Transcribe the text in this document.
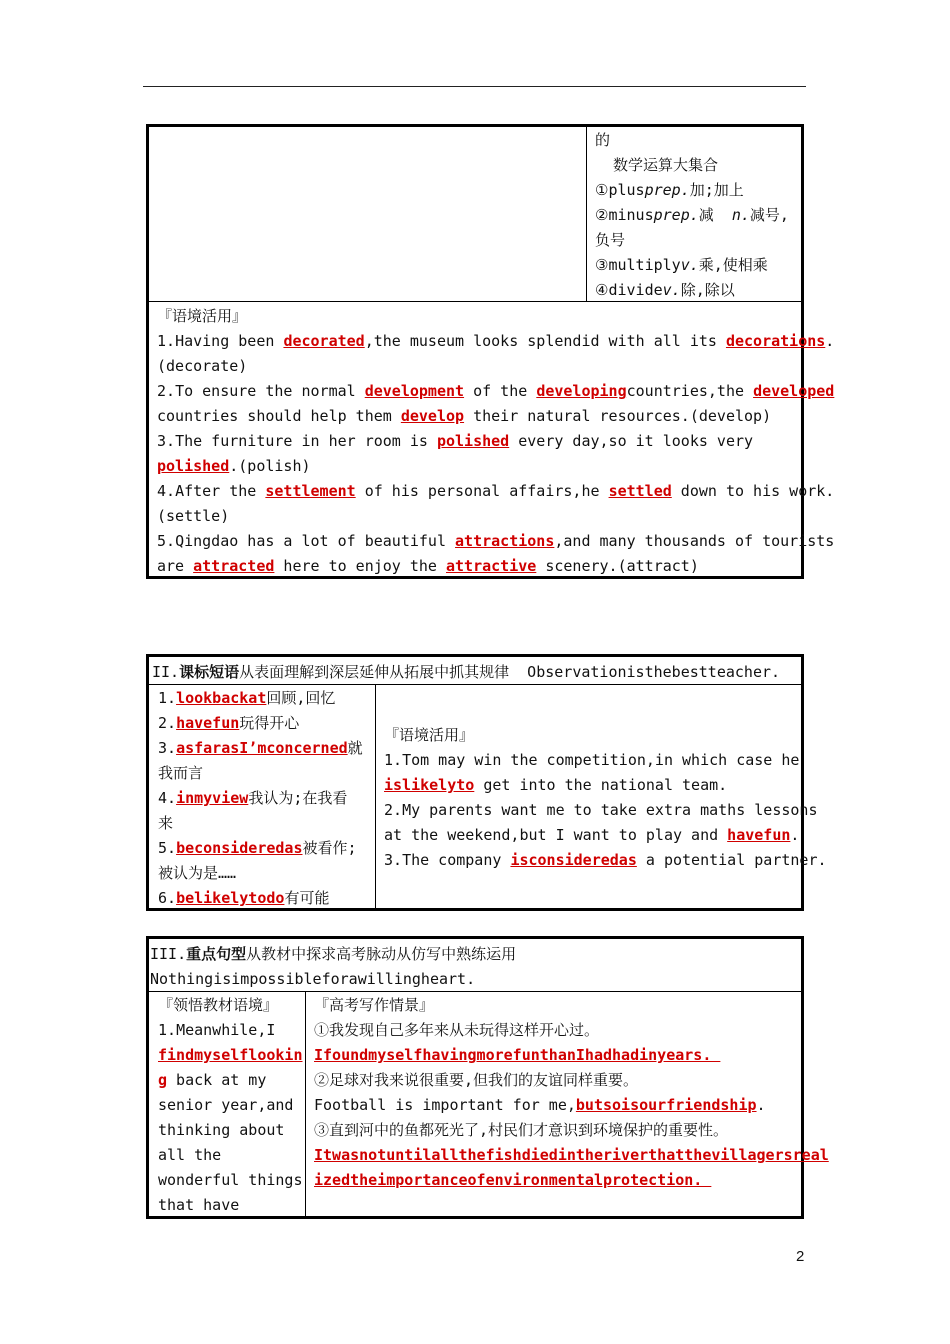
的
数学运算大集合
①plusprep.加;加上
②minusprep.减  n.减号,
负号
③multiplyv.乘,使相乘
④dividev.除,除以
『语境活用』
1.Having been decorated,the museum looks splendid with all its decorations.
(decorate)
2.To ensure the normal development of the developingcountries,the developed
countries should help them develop their natural resources.(develop)
3.The furniture in her room is polished every day,so it looks very
polished.(polish)
4.After the settlement of his personal affairs,he settled down to his work.
(settle)
5.Qingdao has a lot of beautiful attractions,and many thousands of tourists
are attracted here to enjoy the attractive scenery.(attract)
II.课标短语从表面理解到深层延伸从拓展中抓其规律  Observationisthebestteacher.
1.lookbackat回顾,回忆
2.havefun玩得开心
3.asfarasI’mconcerned就
我而言
4.inmyview我认为;在我看
来
5.beconsideredas被看作;
被认为是……
6.belikelytodo有可能
『语境活用』
1.Tom may win the competition,in which case he
islikelyto get into the national team.
2.My parents want me to take extra maths lessons
at the weekend,but I want to play and havefun.
3.The company isconsideredas a potential partner.
III.重点句型从教材中探求高考脉动从仿写中熟练运用
Nothingisimpossibleforawillingheart.
『领悟教材语境』
1.Meanwhile,I
findmyselflookin
g back at my
senior year,and
thinking about
all the
wonderful things
that have
『高考写作情景』
①我发现自己多年来从未玩得这样开心过。
IfoundmyselfhavingmorefunthanIhadhadinyears.
②足球对我来说很重要,但我们的友谊同样重要。
Football is important for me,butsoisourfriendship.
③直到河中的鱼都死光了,村民们才意识到环境保护的重要性。
Itwasnotuntilallthefishdiedintheriverthatthevillagersreal
izedtheimportanceofenvironmentalprotection.
2
